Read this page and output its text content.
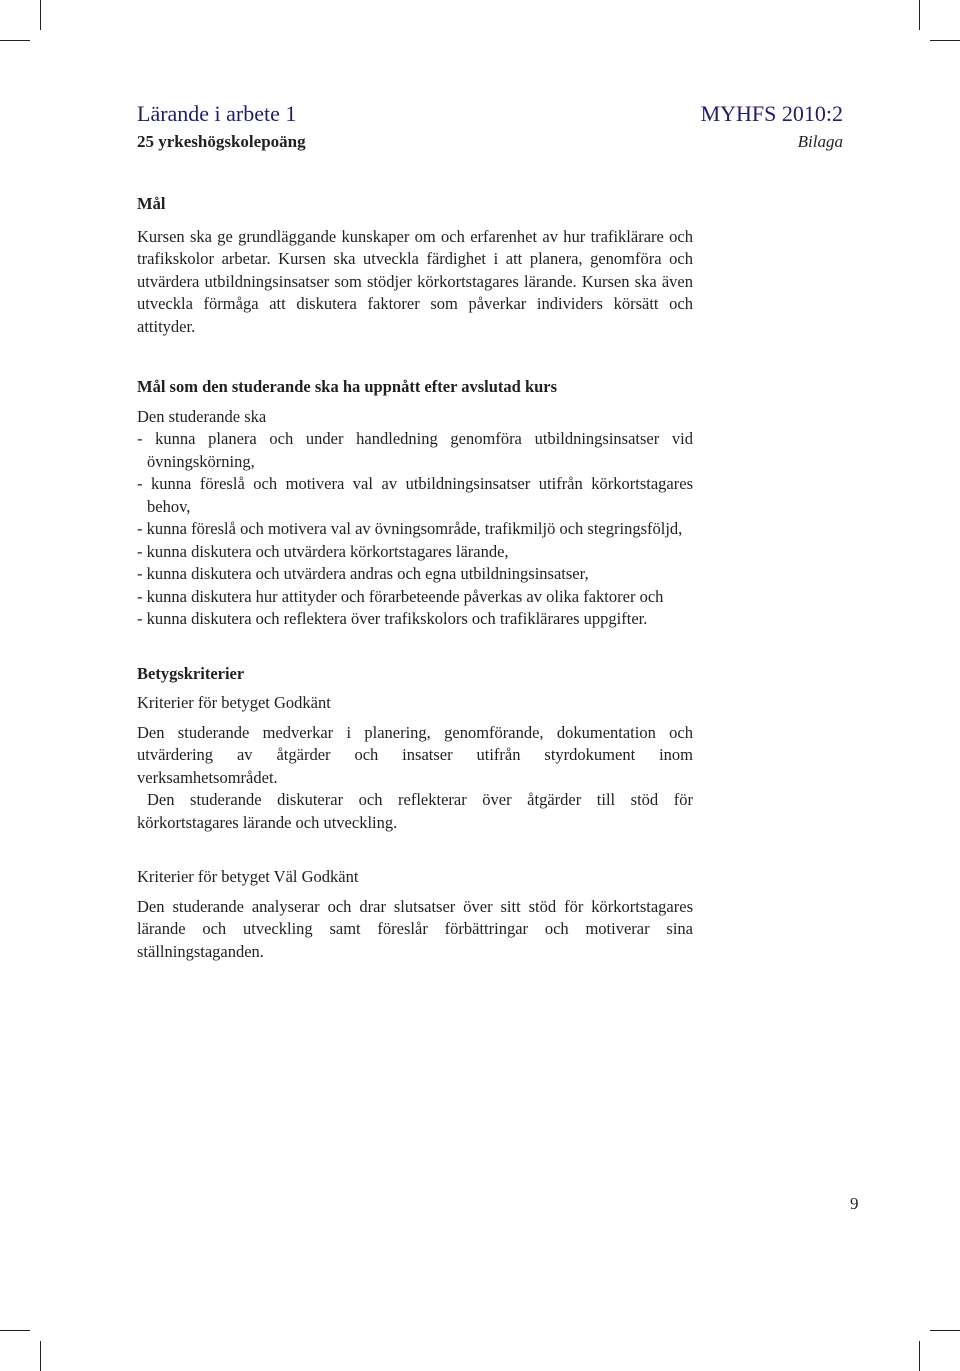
Lärande i arbete 1
25 yrkeshögskolepoäng
MYHFS 2010:2
Bilaga
Mål

Kursen ska ge grundläggande kunskaper om och erfarenhet av hur trafiklärare och trafikskolor arbetar. Kursen ska utveckla färdighet i att planera, genomföra och utvärdera utbildningsinsatser som stödjer körkortstagares lärande. Kursen ska även utveckla förmåga att diskutera faktorer som påverkar individers körsätt och attityder.

Mål som den studerande ska ha uppnått efter avslutad kurs

Den studerande ska

- kunna planera och under handledning genomföra utbildningsinsatser vid övningskörning,
- kunna föreslå och motivera val av utbildningsinsatser utifrån körkortstagares behov,
- kunna föreslå och motivera val av övningsområde, trafikmiljö och stegringsföljd,
- kunna diskutera och utvärdera körkortstagares lärande,
- kunna diskutera och utvärdera andras och egna utbildningsinsatser,
- kunna diskutera hur attityder och förarbeteende påverkas av olika faktorer och
- kunna diskutera och reflektera över trafikskolors och trafiklärares uppgifter.
Betygskriterier

Kriterier för betyget Godkänt

Den studerande medverkar i planering, genomförande, dokumentation och utvärdering av åtgärder och insatser utifrån styrdokument inom verksamhetsområdet.

Den studerande diskuterar och reflekterar över åtgärder till stöd för körkortstagares lärande och utveckling.

Kriterier för betyget Väl Godkänt

Den studerande analyserar och drar slutsatser över sitt stöd för körkortstagares lärande och utveckling samt föreslår förbättringar och motiverar sina ställningstaganden.

9
